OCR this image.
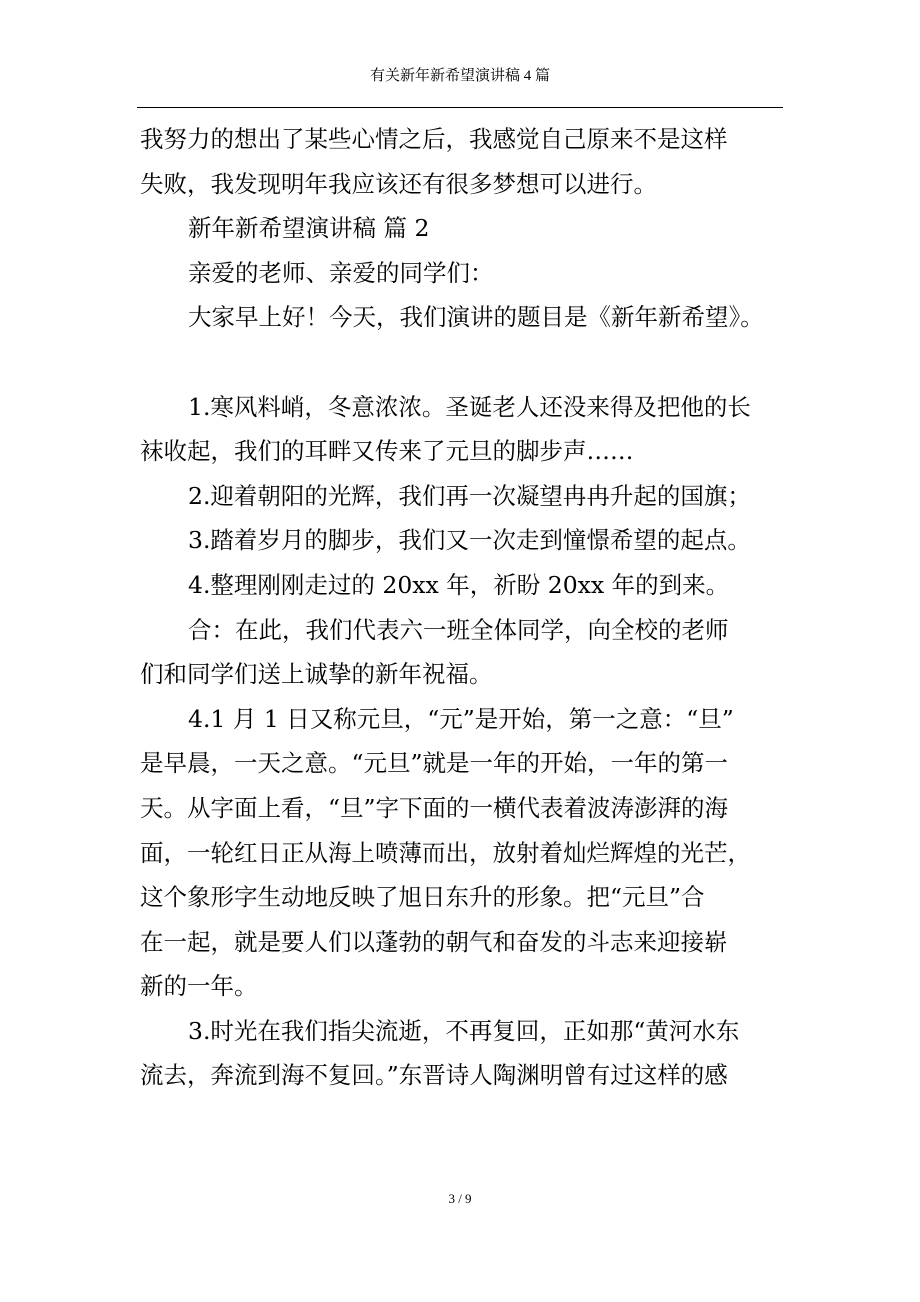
有关新年新希望演讲稿 4 篇
我努力的想出了某些心情之后，我感觉自己原来不是这样
失败，我发现明年我应该还有很多梦想可以进行。
新年新希望演讲稿 篇 2
亲爱的老师、亲爱的同学们：
大家早上好！今天，我们演讲的题目是《新年新希望》。
1.寒风料峭，冬意浓浓。圣诞老人还没来得及把他的长
袜收起，我们的耳畔又传来了元旦的脚步声……
2.迎着朝阳的光辉，我们再一次凝望冉冉升起的国旗；
3.踏着岁月的脚步，我们又一次走到憧憬希望的起点。
4.整理刚刚走过的 20xx 年，祈盼 20xx 年的到来。
合：在此，我们代表六一班全体同学，向全校的老师
们和同学们送上诚挚的新年祝福。
4.1 月 1 日又称元旦，“元”是开始，第一之意：“旦”
是早晨，一天之意。“元旦”就是一年的开始，一年的第一
天。从字面上看，“旦”字下面的一横代表着波涛澎湃的海
面，一轮红日正从海上喷薄而出，放射着灿烂辉煌的光芒，
这个象形字生动地反映了旭日东升的形象。把“元旦”合
在一起，就是要人们以蓬勃的朝气和奋发的斗志来迎接崭
新的一年。
3.时光在我们指尖流逝，不再复回，正如那“黄河水东
流去，奔流到海不复回。”东晋诗人陶渊明曾有过这样的感
3 / 9
